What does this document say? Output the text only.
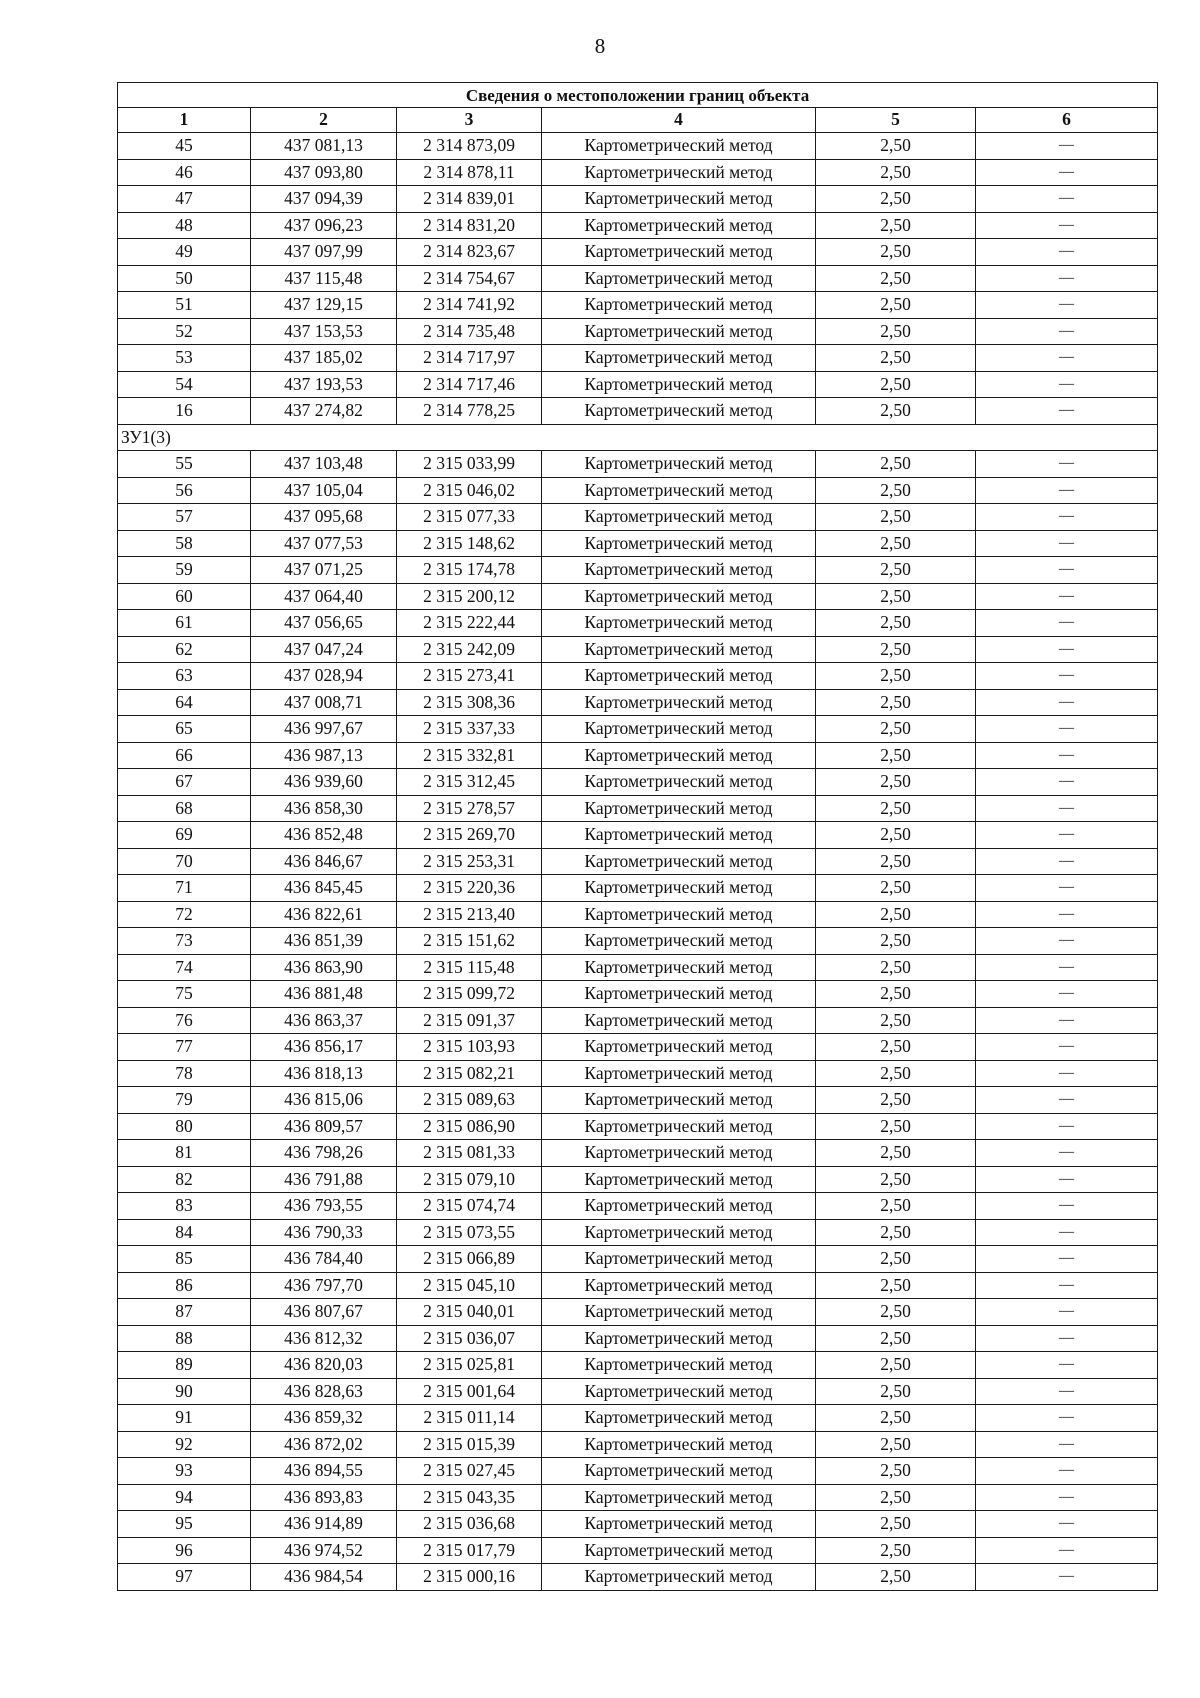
8
Сведения о местоположении границ объекта					
1	2	3	4	5	6
45	437 081,13	2 314 873,09	Картометрический метод	2,50	—
46	437 093,80	2 314 878,11	Картометрический метод	2,50	—
47	437 094,39	2 314 839,01	Картометрический метод	2,50	—
48	437 096,23	2 314 831,20	Картометрический метод	2,50	—
49	437 097,99	2 314 823,67	Картометрический метод	2,50	—
50	437 115,48	2 314 754,67	Картометрический метод	2,50	—
51	437 129,15	2 314 741,92	Картометрический метод	2,50	—
52	437 153,53	2 314 735,48	Картометрический метод	2,50	—
53	437 185,02	2 314 717,97	Картометрический метод	2,50	—
54	437 193,53	2 314 717,46	Картометрический метод	2,50	—
16	437 274,82	2 314 778,25	Картометрический метод	2,50	—
ЗУ1(3)					
55	437 103,48	2 315 033,99	Картометрический метод	2,50	—
56	437 105,04	2 315 046,02	Картометрический метод	2,50	—
57	437 095,68	2 315 077,33	Картометрический метод	2,50	—
58	437 077,53	2 315 148,62	Картометрический метод	2,50	—
59	437 071,25	2 315 174,78	Картометрический метод	2,50	—
60	437 064,40	2 315 200,12	Картометрический метод	2,50	—
61	437 056,65	2 315 222,44	Картометрический метод	2,50	—
62	437 047,24	2 315 242,09	Картометрический метод	2,50	—
63	437 028,94	2 315 273,41	Картометрический метод	2,50	—
64	437 008,71	2 315 308,36	Картометрический метод	2,50	—
65	436 997,67	2 315 337,33	Картометрический метод	2,50	—
66	436 987,13	2 315 332,81	Картометрический метод	2,50	—
67	436 939,60	2 315 312,45	Картометрический метод	2,50	—
68	436 858,30	2 315 278,57	Картометрический метод	2,50	—
69	436 852,48	2 315 269,70	Картометрический метод	2,50	—
70	436 846,67	2 315 253,31	Картометрический метод	2,50	—
71	436 845,45	2 315 220,36	Картометрический метод	2,50	—
72	436 822,61	2 315 213,40	Картометрический метод	2,50	—
73	436 851,39	2 315 151,62	Картометрический метод	2,50	—
74	436 863,90	2 315 115,48	Картометрический метод	2,50	—
75	436 881,48	2 315 099,72	Картометрический метод	2,50	—
76	436 863,37	2 315 091,37	Картометрический метод	2,50	—
77	436 856,17	2 315 103,93	Картометрический метод	2,50	—
78	436 818,13	2 315 082,21	Картометрический метод	2,50	—
79	436 815,06	2 315 089,63	Картометрический метод	2,50	—
80	436 809,57	2 315 086,90	Картометрический метод	2,50	—
81	436 798,26	2 315 081,33	Картометрический метод	2,50	—
82	436 791,88	2 315 079,10	Картометрический метод	2,50	—
83	436 793,55	2 315 074,74	Картометрический метод	2,50	—
84	436 790,33	2 315 073,55	Картометрический метод	2,50	—
85	436 784,40	2 315 066,89	Картометрический метод	2,50	—
86	436 797,70	2 315 045,10	Картометрический метод	2,50	—
87	436 807,67	2 315 040,01	Картометрический метод	2,50	—
88	436 812,32	2 315 036,07	Картометрический метод	2,50	—
89	436 820,03	2 315 025,81	Картометрический метод	2,50	—
90	436 828,63	2 315 001,64	Картометрический метод	2,50	—
91	436 859,32	2 315 011,14	Картометрический метод	2,50	—
92	436 872,02	2 315 015,39	Картометрический метод	2,50	—
93	436 894,55	2 315 027,45	Картометрический метод	2,50	—
94	436 893,83	2 315 043,35	Картометрический метод	2,50	—
95	436 914,89	2 315 036,68	Картометрический метод	2,50	—
96	436 974,52	2 315 017,79	Картометрический метод	2,50	—
97	436 984,54	2 315 000,16	Картометрический метод	2,50	—
